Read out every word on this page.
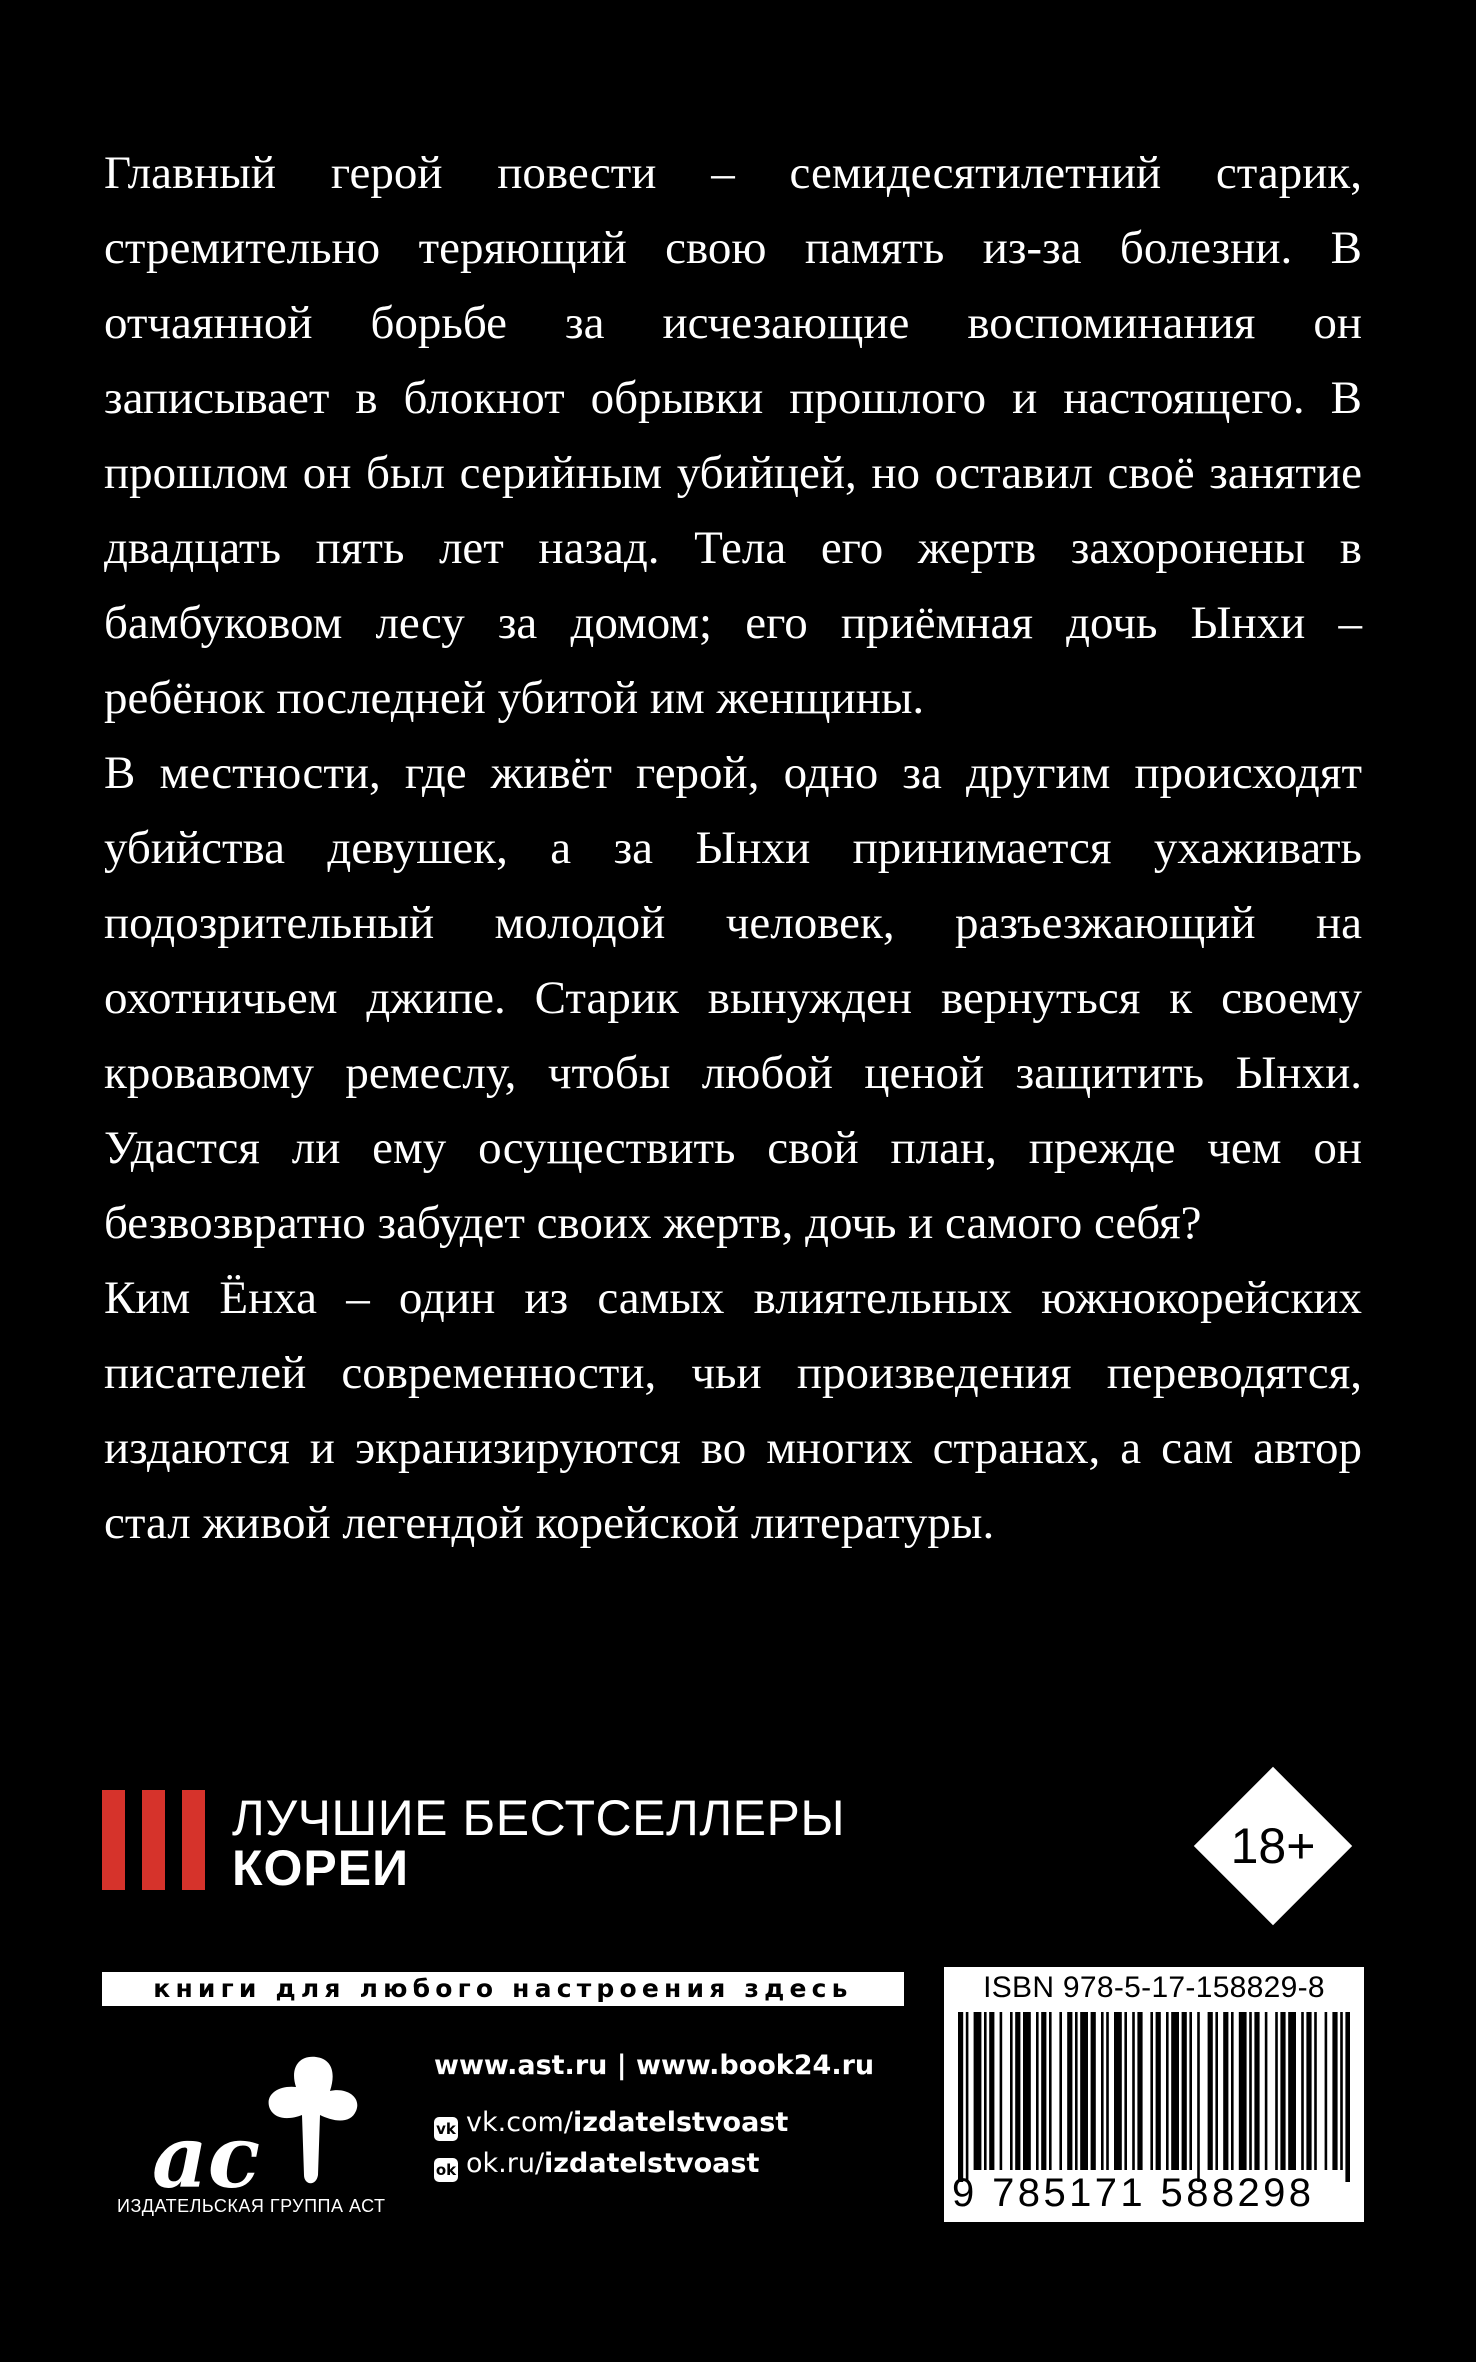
Главный герой повести – семидесятилетний старик, стремительно теряющий свою память из-за болезни. В отчаянной борьбе за исчезающие воспоминания он записывает в блокнот обрывки прошлого и настоящего. В прошлом он был серийным убийцей, но оставил своё занятие двадцать пять лет назад. Тела его жертв захоронены в бамбуковом лесу за домом; его приёмная дочь Ынхи – ребёнок последней убитой им женщины.

В местности, где живёт герой, одно за другим происходят убийства девушек, а за Ынхи принимается ухаживать подозрительный молодой человек, разъезжающий на охотничьем джипе. Старик вынужден вернуться к своему кровавому ремеслу, чтобы любой ценой защитить Ынхи. Удастся ли ему осуществить свой план, прежде чем он безвозвратно забудет своих жертв, дочь и самого себя?

Ким Ёнха – один из самых влиятельных южнокорейских писателей современности, чьи произведения переводятся, издаются и экранизируются во многих странах, а сам автор стал живой легендой корейской литературы.

ЛУЧШИЕ БЕСТСЕЛЛЕРЫ
КОРЕИ	18+
книги для любого настроения здесь
ac
ИЗДАТЕЛЬСКАЯ ГРУППА АСТ
www.ast.ru | www.book24.ru
vk vk.com/izdatelstvoast
ok ok.ru/izdatelstvoast
ISBN 978-5-17-158829-8
9 785171 588298
